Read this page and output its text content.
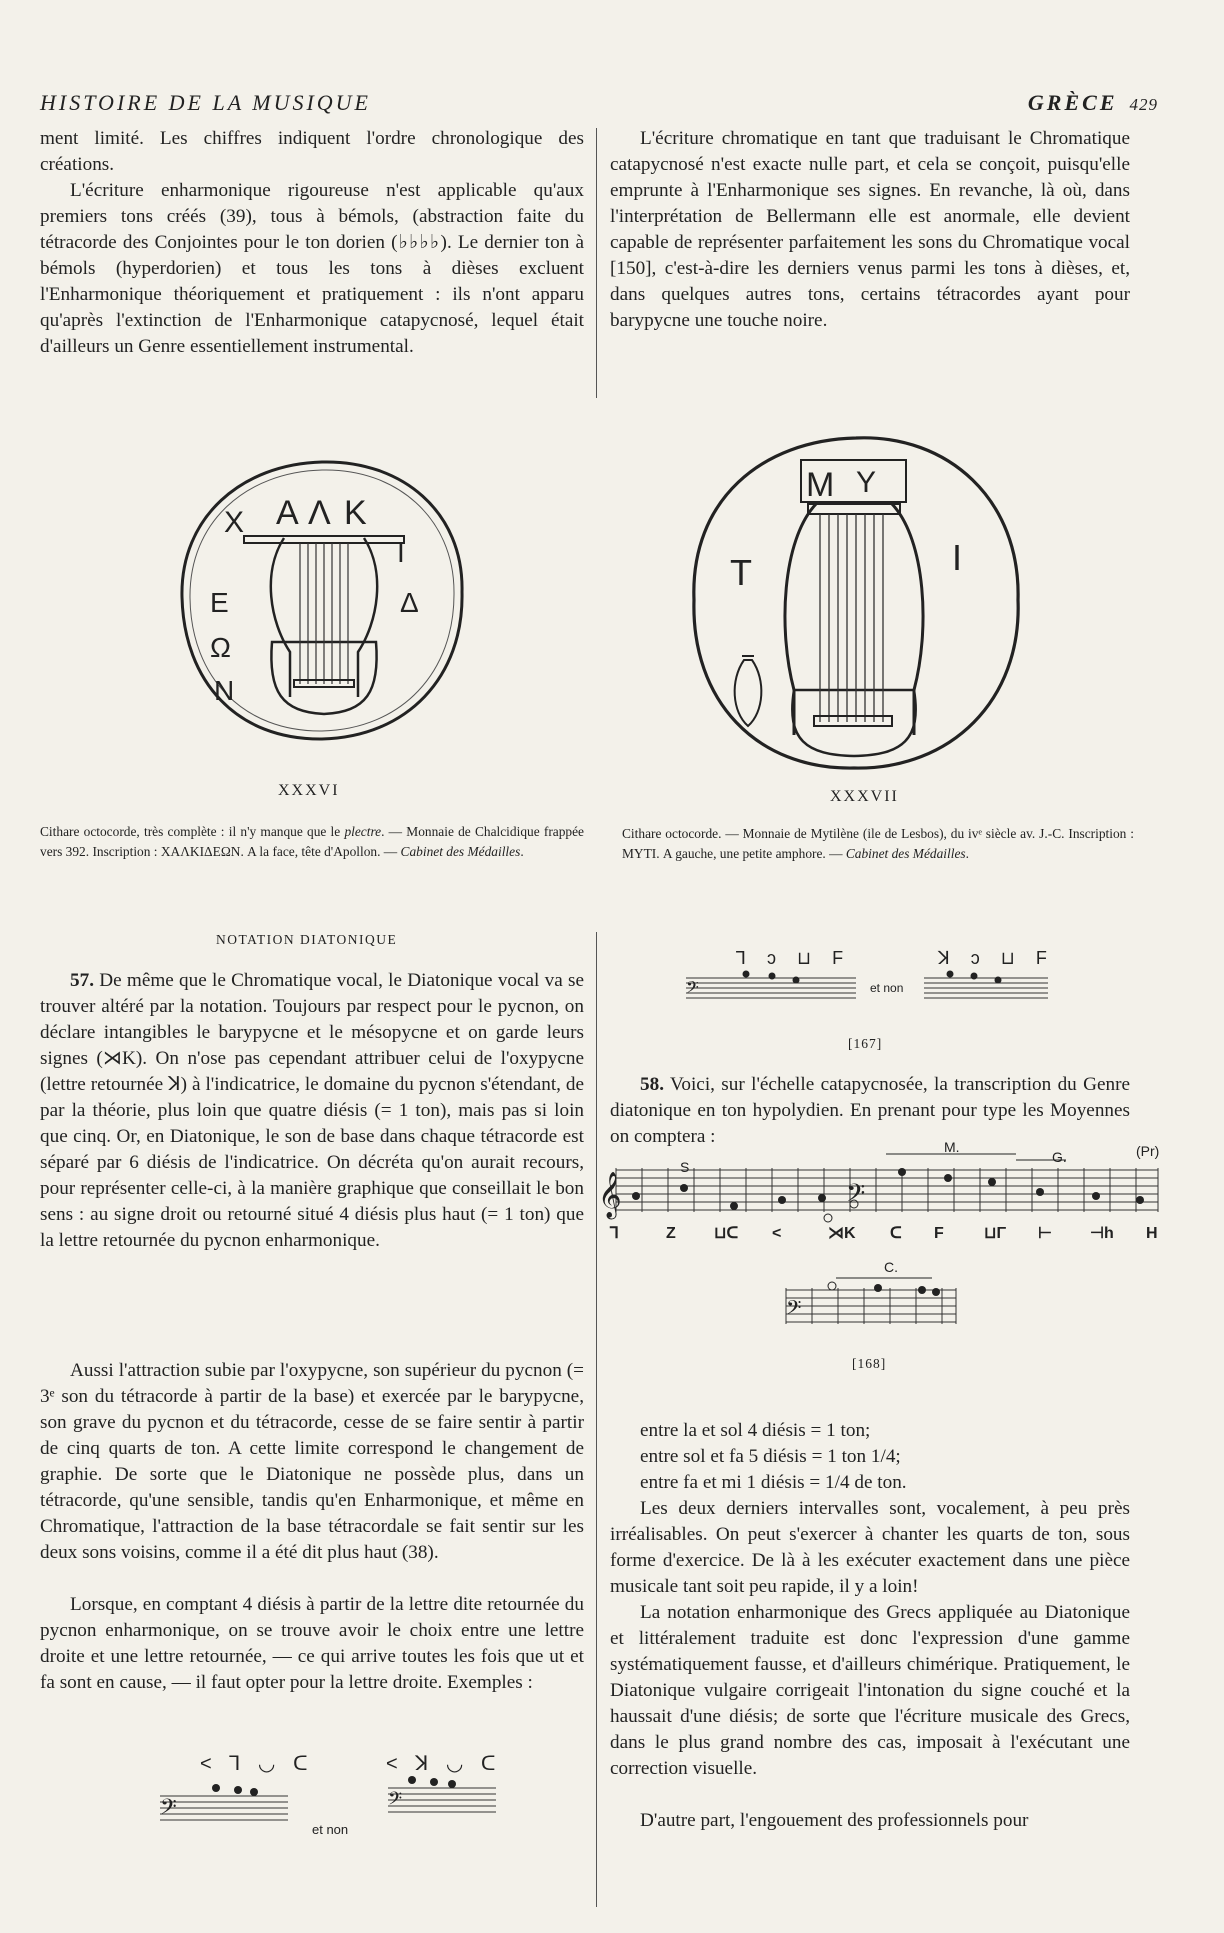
HISTOIRE DE LA MUSIQUE	GRÈCE 429

ment limité. Les chiffres indiquent l'ordre chronologique des créations.

L'écriture enharmonique rigoureuse n'est applicable qu'aux premiers tons créés (39), tous à bémols, (abstraction faite du tétracorde des Conjointes pour le ton dorien (♭♭♭♭). Le dernier ton à bémols (hyperdorien) et tous les tons à dièses excluent l'Enharmonique théoriquement et pratiquement : ils n'ont apparu qu'après l'extinction de l'Enharmonique catapycnosé, lequel était d'ailleurs un Genre essentiellement instrumental.

L'écriture chromatique en tant que traduisant le Chromatique catapycnosé n'est exacte nulle part, et cela se conçoit, puisqu'elle emprunte à l'Enharmonique ses signes. En revanche, là où, dans l'interprétation de Bellermann elle est anormale, elle devient capable de représenter parfaitement les sons du Chromatique vocal [150], c'est-à-dire les derniers venus parmi les tons à dièses, et, dans quelques autres tons, certains tétracordes ayant pour barypycne une touche noire.

Χ Α Λ Κ
Ι
Δ
Ε
Ω
Ν
XXXVI

Cithare octocorde, très complète : il n'y manque que le plectre. — Monnaie de Chalcidique frappée vers 392. Inscription : ΧΑΛΚΙΔΕΩΝ. A la face, tête d'Apollon. — Cabinet des Médailles.

Μ Υ
Τ	Ι
XXXVII

Cithare octocorde. — Monnaie de Mytilène (ile de Lesbos), du ivᵉ siècle av. J.-C. Inscription : ΜΥΤΙ. A gauche, une petite amphore. — Cabinet des Médailles.

NOTATION DIATONIQUE

57. De même que le Chromatique vocal, le Diatonique vocal va se trouver altéré par la notation. Toujours par respect pour le pycnon, on déclare intangibles le barypycne et le mésopycne et on garde leurs signes (⋊K). On n'ose pas cependant attribuer celui de l'oxypycne (lettre retournée ꓘ) à l'indicatrice, le domaine du pycnon s'étendant, de par la théorie, plus loin que quatre diésis (= 1 ton), mais pas si loin que cinq. Or, en Diatonique, le son de base dans chaque tétracorde est séparé par 6 diésis de l'indicatrice. On décréta qu'on aurait recours, pour représenter celle-ci, à la manière graphique que conseillait le bon sens : au signe droit ou retourné situé 4 diésis plus haut (= 1 ton) que la lettre retournée du pycnon enharmonique.

Aussi l'attraction subie par l'oxypycne, son supérieur du pycnon (= 3ᵉ son du tétracorde à partir de la base) et exercée par le barypycne, son grave du pycnon et du tétracorde, cesse de se faire sentir à partir de cinq quarts de ton. A cette limite correspond le changement de graphie. De sorte que le Diatonique ne possède plus, dans un tétracorde, qu'une sensible, tandis qu'en Enharmonique, et même en Chromatique, l'attraction de la base tétracordale se fait sentir sur les deux sons voisins, comme il a été dit plus haut (38).

Lorsque, en comptant 4 diésis à partir de la lettre dite retournée du pycnon enharmonique, on se trouve avoir le choix entre une lettre droite et une lettre retournée, — ce qui arrive toutes les fois que ut et fa sont en cause, — il faut opter pour la lettre droite. Exemples :

< ꓶ ◡ ᑕ	< ꓘ ◡ ᑕ
𝄢	𝄢
et non
ꓶ ɔ ⊔ F	ꓘ ɔ ⊔ F
𝄢	et non
[167]

58. Voici, sur l'échelle catapycnosée, la transcription du Genre diatonique en ton hypolydien. En prenant pour type les Moyennes on comptera :

S
M.
G.	(Pr)
𝄞	𝄢
ꓶ	Z ⊔ᑕ <	⋊K ᑕ F	⊔Γ ⊢ ⊣h H
C.
𝄢
[168]
entre la et sol 4 diésis = 1 ton;
entre sol et fa 5 diésis = 1 ton 1/4;
entre fa et mi 1 diésis = 1/4 de ton.

Les deux derniers intervalles sont, vocalement, à peu près irréalisables. On peut s'exercer à chanter les quarts de ton, sous forme d'exercice. De là à les exécuter exactement dans une pièce musicale tant soit peu rapide, il y a loin!

La notation enharmonique des Grecs appliquée au Diatonique et littéralement traduite est donc l'expression d'une gamme systématiquement fausse, et d'ailleurs chimérique. Pratiquement, le Diatonique vulgaire corrigeait l'intonation du signe couché et la haussait d'une diésis; de sorte que l'écriture musicale des Grecs, dans le plus grand nombre des cas, imposait à l'exécutant une correction visuelle.

D'autre part, l'engouement des professionnels pour
